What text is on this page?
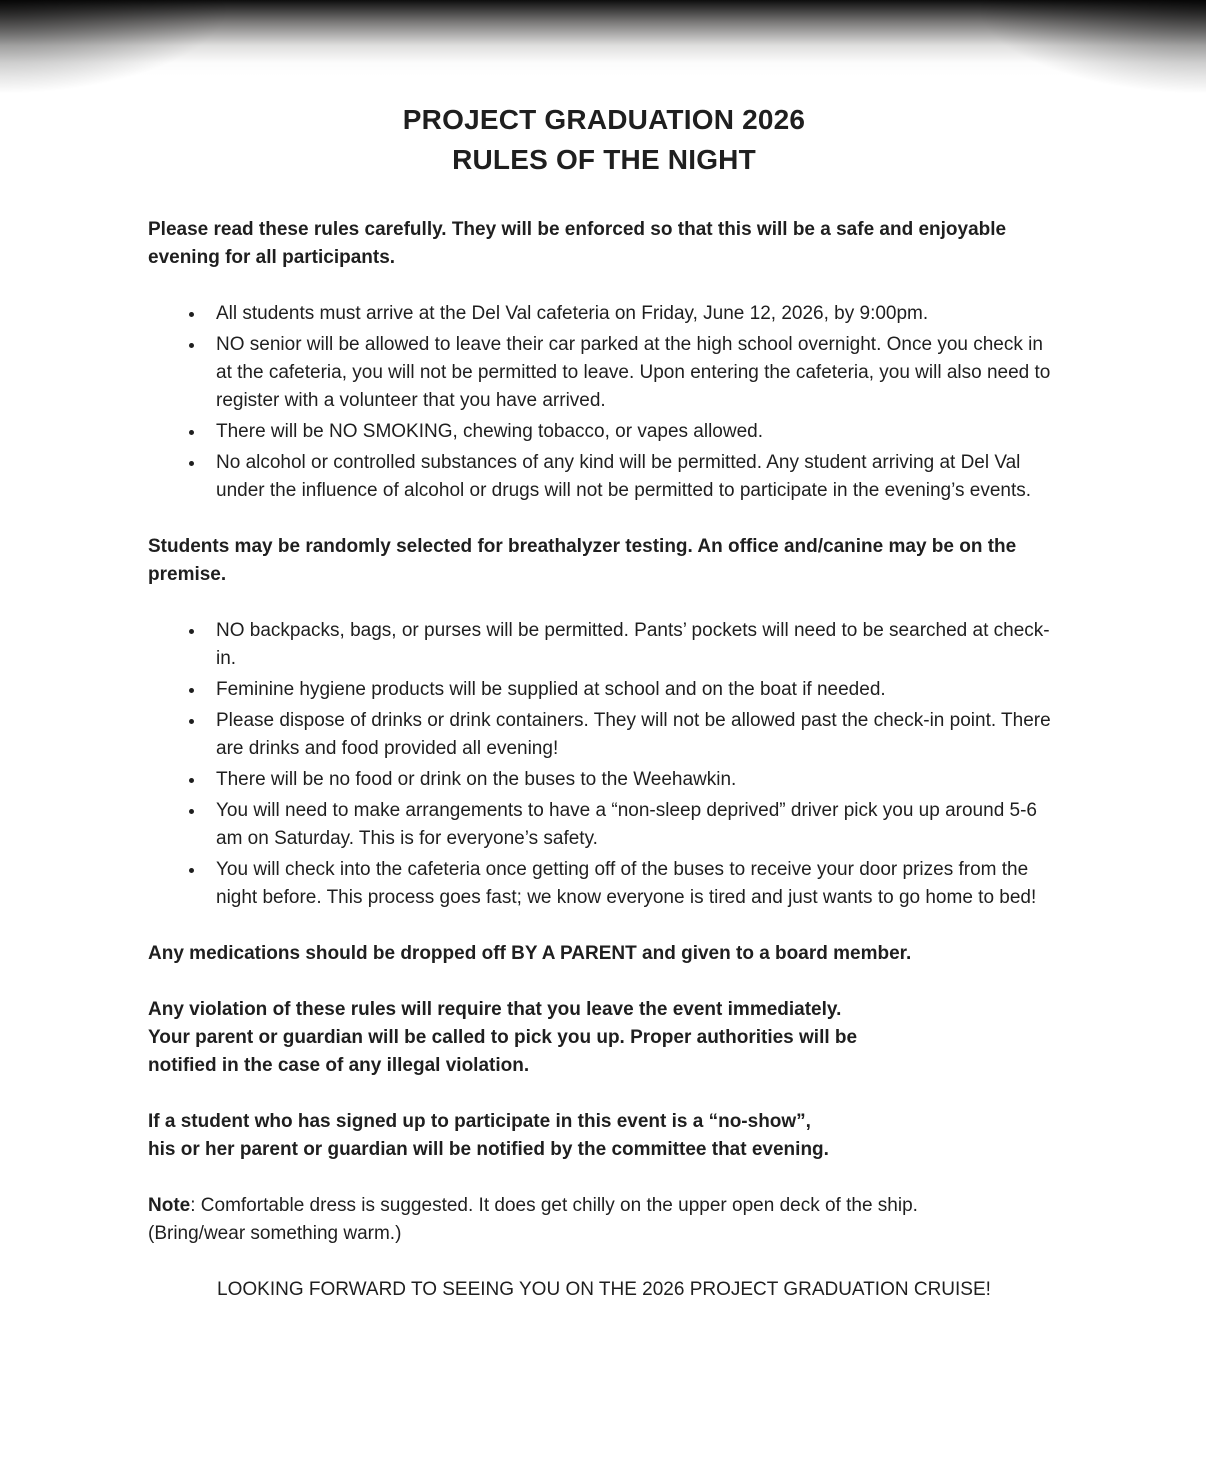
PROJECT GRADUATION 2026
RULES OF THE NIGHT

Please read these rules carefully. They will be enforced so that this will be a safe and enjoyable evening for all participants.

• All students must arrive at the Del Val cafeteria on Friday, June 12, 2026, by 9:00pm.
• NO senior will be allowed to leave their car parked at the high school overnight. Once you check in at the cafeteria, you will not be permitted to leave. Upon entering the cafeteria, you will also need to register with a volunteer that you have arrived.
• There will be NO SMOKING, chewing tobacco, or vapes allowed.
• No alcohol or controlled substances of any kind will be permitted. Any student arriving at Del Val under the influence of alcohol or drugs will not be permitted to participate in the evening’s events.

Students may be randomly selected for breathalyzer testing. An office and/canine may be on the premise.

• NO backpacks, bags, or purses will be permitted. Pants’ pockets will need to be searched at check-in.
• Feminine hygiene products will be supplied at school and on the boat if needed.
• Please dispose of drinks or drink containers. They will not be allowed past the check-in point. There are drinks and food provided all evening!
• There will be no food or drink on the buses to the Weehawkin.
• You will need to make arrangements to have a “non-sleep deprived” driver pick you up around 5-6 am on Saturday. This is for everyone’s safety.
• You will check into the cafeteria once getting off of the buses to receive your door prizes from the night before. This process goes fast; we know everyone is tired and just wants to go home to bed!

Any medications should be dropped off BY A PARENT and given to a board member.

Any violation of these rules will require that you leave the event immediately.
Your parent or guardian will be called to pick you up. Proper authorities will be
notified in the case of any illegal violation.

If a student who has signed up to participate in this event is a “no-show”,
his or her parent or guardian will be notified by the committee that evening.

Note: Comfortable dress is suggested. It does get chilly on the upper open deck of the ship.
(Bring/wear something warm.)

LOOKING FORWARD TO SEEING YOU ON THE 2026 PROJECT GRADUATION CRUISE!
